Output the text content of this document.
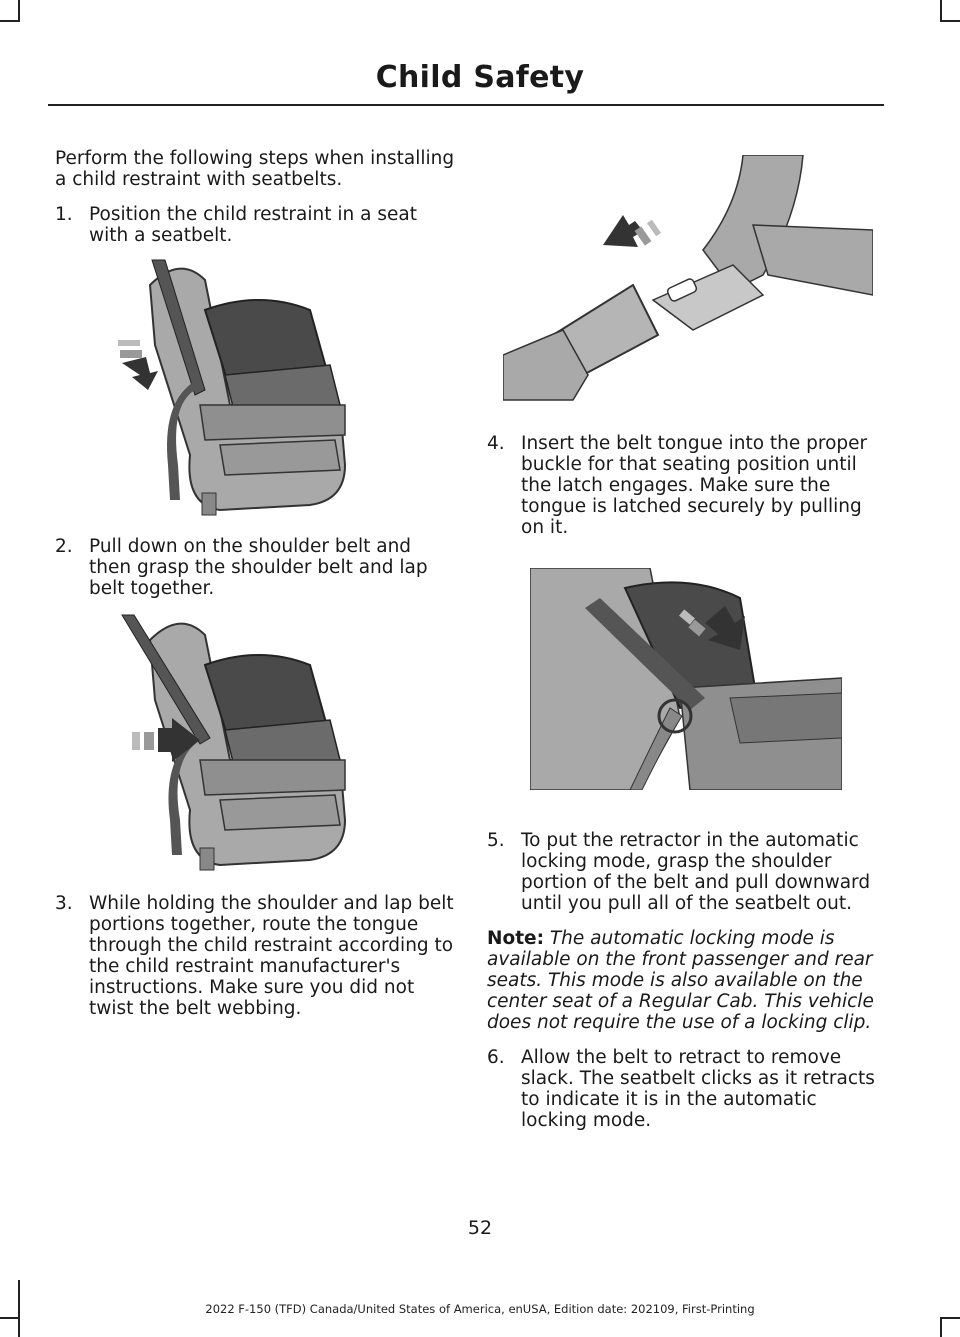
Child Safety

Perform the following steps when installing a child restraint with seatbelts.

1. Position the child restraint in a seat with a seatbelt.
2. Pull down on the shoulder belt and then grasp the shoulder belt and lap belt together.
3. While holding the shoulder and lap belt portions together, route the tongue through the child restraint according to the child restraint manufacturer's instructions. Make sure you did not twist the belt webbing.
4. Insert the belt tongue into the proper buckle for that seating position until the latch engages. Make sure the tongue is latched securely by pulling on it.
5. To put the retractor in the automatic locking mode, grasp the shoulder portion of the belt and pull downward until you pull all of the seatbelt out.

Note: The automatic locking mode is available on the front passenger and rear seats. This mode is also available on the center seat of a Regular Cab. This vehicle does not require the use of a locking clip.

6. Allow the belt to retract to remove slack. The seatbelt clicks as it retracts to indicate it is in the automatic locking mode.
52
2022 F-150 (TFD) Canada/United States of America, enUSA, Edition date: 202109, First-Printing
